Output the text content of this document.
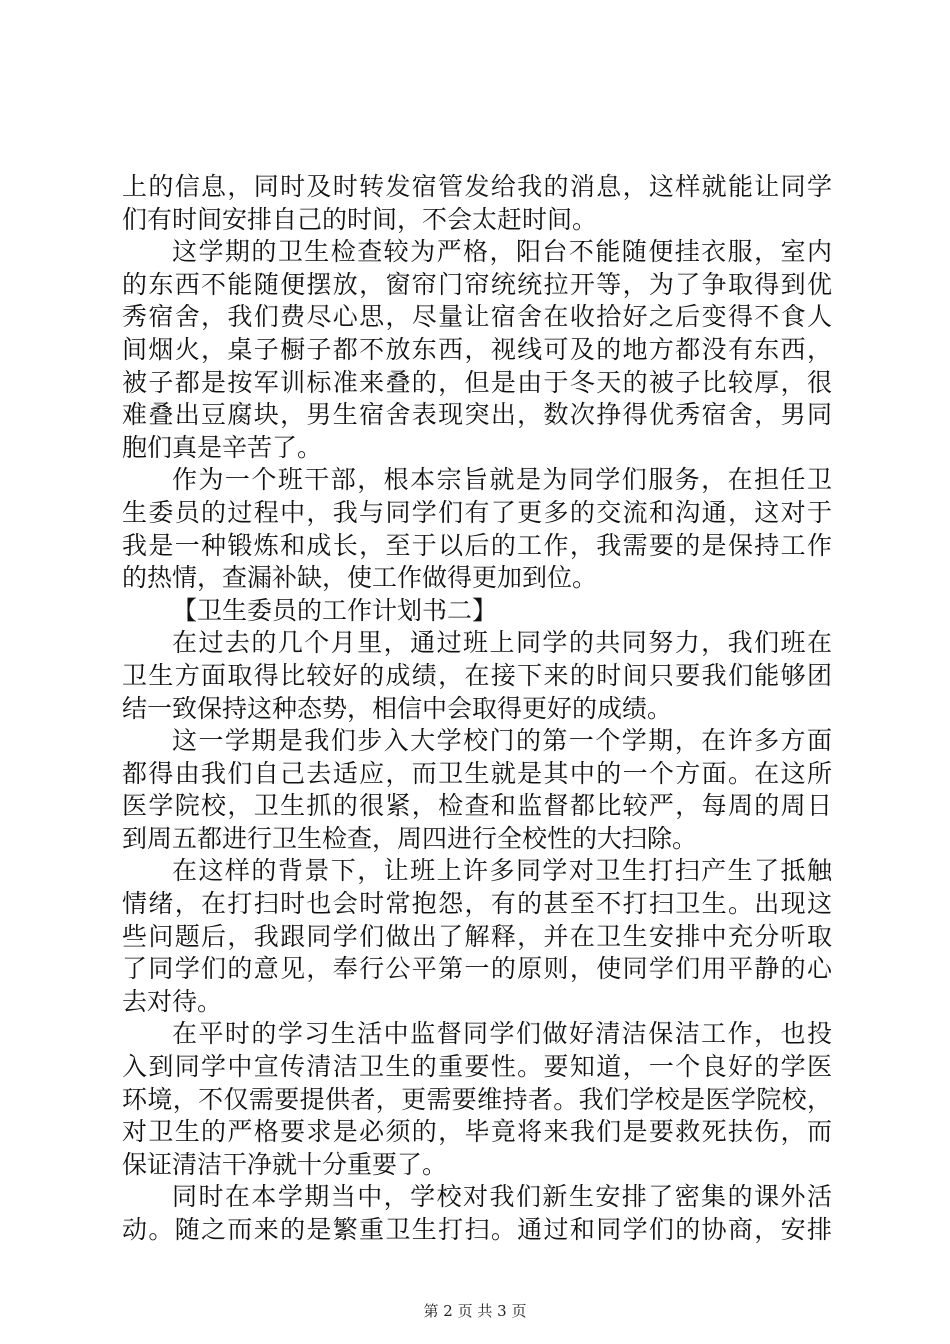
上的信息，同时及时转发宿管发给我的消息，这样就能让同学
们有时间安排自己的时间，不会太赶时间。
这学期的卫生检查较为严格，阳台不能随便挂衣服，室内
的东西不能随便摆放，窗帘门帘统统拉开等，为了争取得到优
秀宿舍，我们费尽心思，尽量让宿舍在收拾好之后变得不食人
间烟火，桌子橱子都不放东西，视线可及的地方都没有东西，
被子都是按军训标准来叠的，但是由于冬天的被子比较厚，很
难叠出豆腐块，男生宿舍表现突出，数次挣得优秀宿舍，男同
胞们真是辛苦了。
作为一个班干部，根本宗旨就是为同学们服务，在担任卫
生委员的过程中，我与同学们有了更多的交流和沟通，这对于
我是一种锻炼和成长，至于以后的工作，我需要的是保持工作
的热情，查漏补缺，使工作做得更加到位。
【卫生委员的工作计划书二】
在过去的几个月里，通过班上同学的共同努力，我们班在
卫生方面取得比较好的成绩，在接下来的时间只要我们能够团
结一致保持这种态势，相信中会取得更好的成绩。
这一学期是我们步入大学校门的第一个学期，在许多方面
都得由我们自己去适应，而卫生就是其中的一个方面。在这所
医学院校，卫生抓的很紧，检查和监督都比较严，每周的周日
到周五都进行卫生检查，周四进行全校性的大扫除。
在这样的背景下，让班上许多同学对卫生打扫产生了抵触
情绪，在打扫时也会时常抱怨，有的甚至不打扫卫生。出现这
些问题后，我跟同学们做出了解释，并在卫生安排中充分听取
了同学们的意见，奉行公平第一的原则，使同学们用平静的心
去对待。
在平时的学习生活中监督同学们做好清洁保洁工作，也投
入到同学中宣传清洁卫生的重要性。要知道，一个良好的学医
环境，不仅需要提供者，更需要维持者。我们学校是医学院校，
对卫生的严格要求是必须的，毕竟将来我们是要救死扶伤，而
保证清洁干净就十分重要了。
同时在本学期当中，学校对我们新生安排了密集的课外活
动。随之而来的是繁重卫生打扫。通过和同学们的协商，安排
第 2 页 共 3 页
